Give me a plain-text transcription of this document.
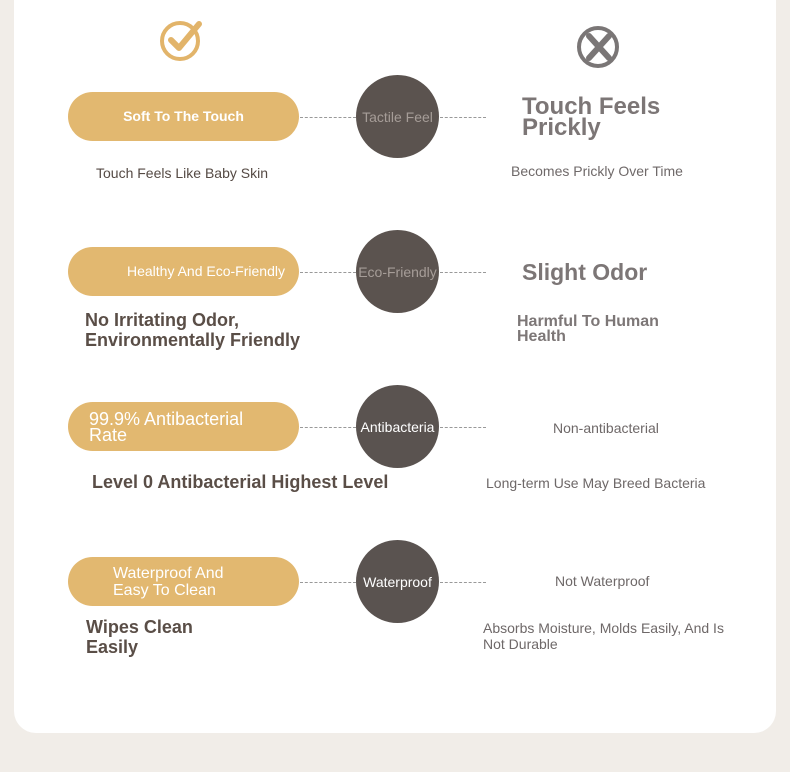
Soft To The Touch	Tactile Feel
Touch Feels Like Baby Skin
Touch Feels Prickly
Becomes Prickly Over Time
Healthy And Eco-Friendly	Eco-Friendly
No Irritating Odor, Environmentally Friendly
Slight Odor
Harmful To Human Health
99.9% Antibacterial Rate	Antibacteria
Level 0 Antibacterial Highest Level
Non-antibacterial
Long-term Use May Breed Bacteria
Waterproof And Easy To Clean	Waterproof
Wipes Clean Easily
Not Waterproof
Absorbs Moisture, Molds Easily, And Is Not Durable
